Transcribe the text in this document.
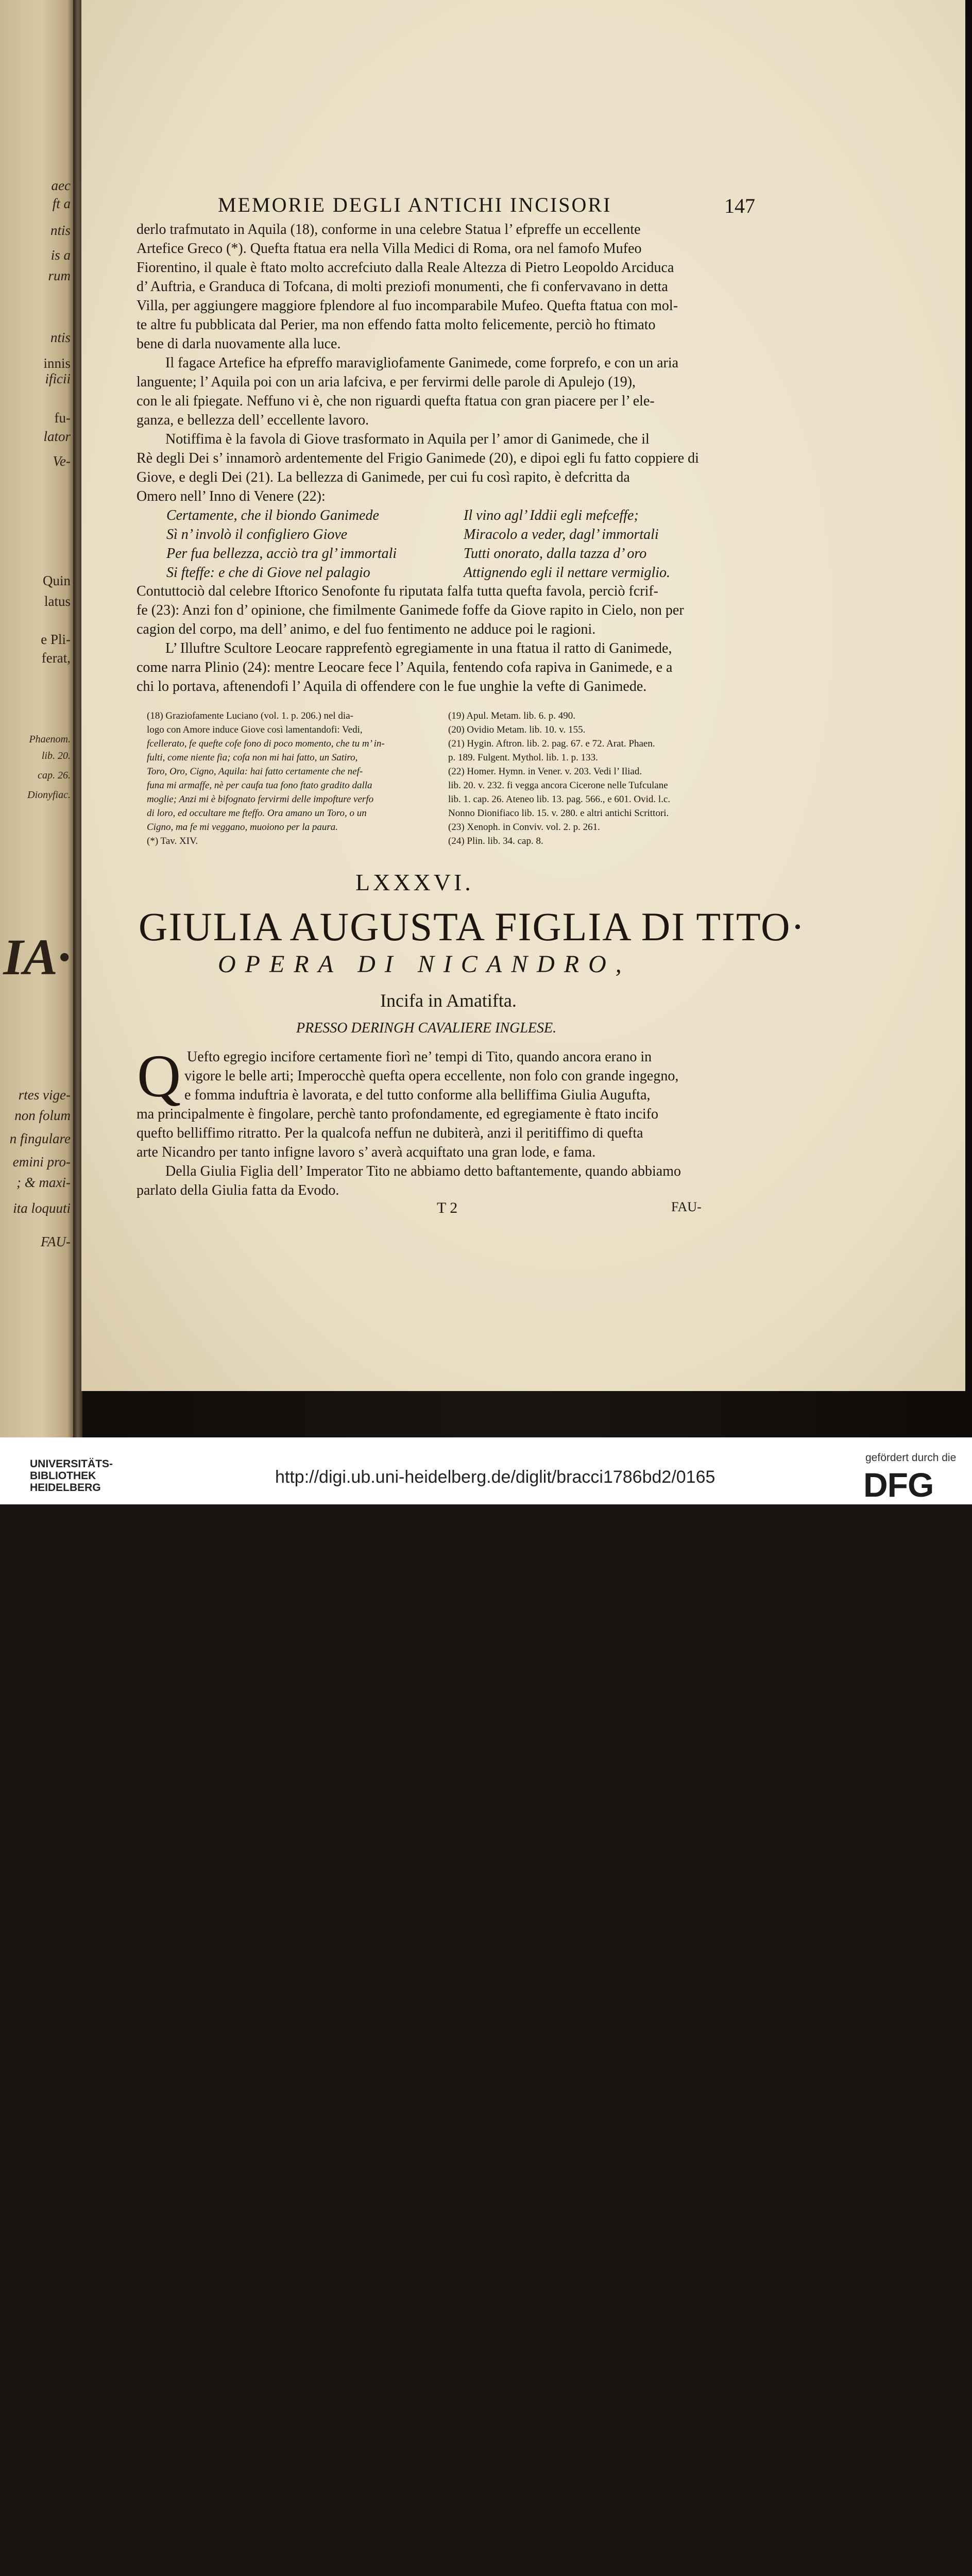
aec
ft a
ntis
is a
rum
ntis
innis
ificii
fu-
lator
Ve-
Quin
latus
e Pli-
ferat,
Phaenom.
lib. 20.
cap. 26.
Dionyfiac.
IA·
rtes vige-
non folum
n fingulare
emini pro-
; & maxi-
ita loquuti
FAU-
MEMORIE DEGLI ANTICHI INCISORI	147
derlo trafmutato in Aquila (18), conforme in una celebre Statua l’ efpreffe un eccellente
Artefice Greco (*). Quefta ftatua era nella Villa Medici di Roma, ora nel famofo Mufeo
Fiorentino, il quale è ftato molto accrefciuto dalla Reale Altezza di Pietro Leopoldo Arciduca
d’ Auftria, e Granduca di Tofcana, di molti preziofi monumenti, che fi confervavano in detta
Villa, per aggiungere maggiore fplendore al fuo incomparabile Mufeo. Quefta ftatua con mol-
te altre fu pubblicata dal Perier, ma non effendo fatta molto felicemente, perciò ho ftimato
bene di darla nuovamente alla luce.
Il fagace Artefice ha efpreffo maravigliofamente Ganimede, come forprefo, e con un aria
languente; l’ Aquila poi con un aria lafciva, e per fervirmi delle parole di Apulejo (19),
con le ali fpiegate. Neffuno vi è, che non riguardi quefta ftatua con gran piacere per l’ ele-
ganza, e bellezza dell’ eccellente lavoro.
Notiffima è la favola di Giove trasformato in Aquila per l’ amor di Ganimede, che il
Rè degli Dei s’ innamorò ardentemente del Frigio Ganimede (20), e dipoi egli fu fatto coppiere di
Giove, e degli Dei (21). La bellezza di Ganimede, per cui fu così rapito, è defcritta da
Omero nell’ Inno di Venere (22):
Certamente, che il biondo Ganimede
Sì n’ involò il configliero Giove
Per fua bellezza, acciò tra gl’ immortali
Si fteffe: e che di Giove nel palagio
Il vino agl’ Iddii egli mefceffe;
Miracolo a veder, dagl’ immortali
Tutti onorato, dalla tazza d’ oro
Attignendo egli il nettare vermiglio.
Contuttociò dal celebre Iftorico Senofonte fu riputata falfa tutta quefta favola, perciò fcrif-
fe (23): Anzi fon d’ opinione, che fimilmente Ganimede foffe da Giove rapito in Cielo, non per
cagion del corpo, ma dell’ animo, e del fuo fentimento ne adduce poi le ragioni.
L’ Illuftre Scultore Leocare rapprefentò egregiamente in una ftatua il ratto di Ganimede,
come narra Plinio (24): mentre Leocare fece l’ Aquila, fentendo cofa rapiva in Ganimede, e a
chi lo portava, aftenendofi l’ Aquila di offendere con le fue unghie la vefte di Ganimede.
(18) Graziofamente Luciano (vol. 1. p. 206.) nel dia-
logo con Amore induce Giove così lamentandofi: Vedi,
fcellerato, fe quefte cofe fono di poco momento, che tu m’ in-
fulti, come niente fia; cofa non mi hai fatto, un Satiro,
Toro, Oro, Cigno, Aquila: hai fatto certamente che nef-
funa mi armaffe, nè per caufa tua fono ftato gradito dalla
moglie; Anzi mi è bifognato fervirmi delle impofture verfo
di loro, ed occultare me fteffo. Ora amano un Toro, o un
Cigno, ma fe mi veggano, muoiono per la paura.
(*) Tav. XIV.
(19) Apul. Metam. lib. 6. p. 490.
(20) Ovidio Metam. lib. 10. v. 155.
(21) Hygin. Aftron. lib. 2. pag. 67. e 72. Arat. Phaen.
p. 189. Fulgent. Mythol. lib. 1. p. 133.
(22) Homer. Hymn. in Vener. v. 203. Vedi l’ Iliad.
lib. 20. v. 232. fi vegga ancora Cicerone nelle Tufculane
lib. 1. cap. 26. Ateneo lib. 13. pag. 566., e 601. Ovid. l.c.
Nonno Dionifiaco lib. 15. v. 280. e altri antichi Scrittori.
(23) Xenoph. in Conviv. vol. 2. p. 261.
(24) Plin. lib. 34. cap. 8.
LXXXVI.
GIULIA AUGUSTA FIGLIA DI TITO·
OPERA DI NICANDRO,
Incifa in Amatifta.
PRESSO DERINGH CAVALIERE INGLESE.
Q Uefto egregio incifore certamente fiorì ne’ tempi di Tito, quando ancora erano in
vigore le belle arti; Imperocchè quefta opera eccellente, non folo con grande ingegno,
e fomma induftria è lavorata, e del tutto conforme alla belliffima Giulia Augufta,
ma principalmente è fingolare, perchè tanto profondamente, ed egregiamente è ftato incifo
quefto belliffimo ritratto. Per la qualcofa neffun ne dubiterà, anzi il peritiffimo di quefta
arte Nicandro per tanto infigne lavoro s’ averà acquiftato una gran lode, e fama.
Della Giulia Figlia dell’ Imperator Tito ne abbiamo detto baftantemente, quando abbiamo
parlato della Giulia fatta da Evodo.
T 2	FAU-
UNIVERSITÄTS-
BIBLIOTHEK
HEIDELBERG
http://digi.ub.uni-heidelberg.de/diglit/bracci1786bd2/0165
gefördert durch die
DFG
